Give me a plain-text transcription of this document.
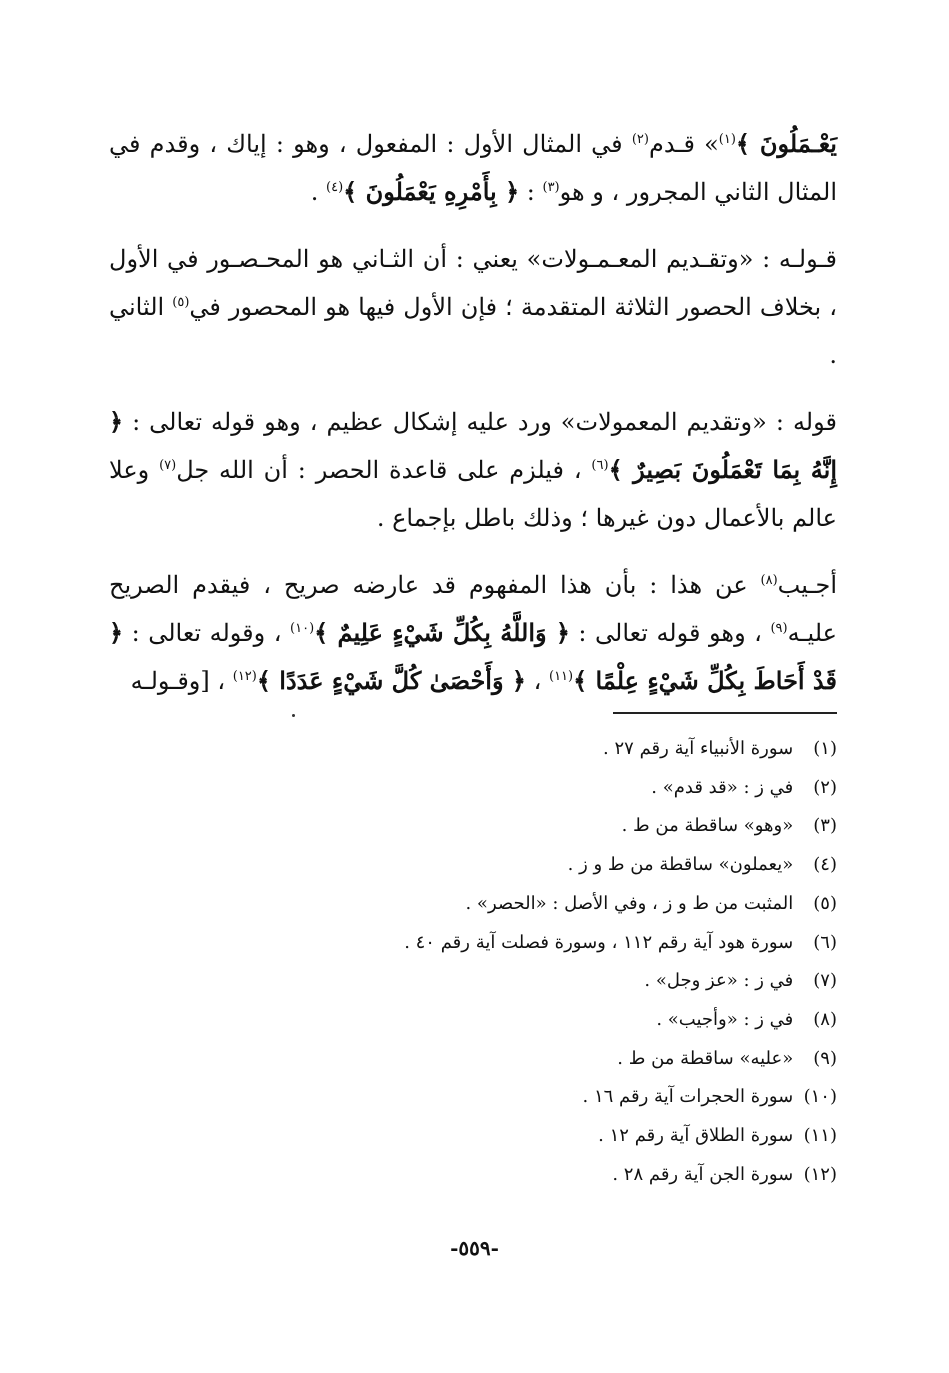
يَعْـمَلُونَ ﴾$^{(١)}$» قـدم$^{(٢)}$ في المثال الأول : المفعول ، وهو : إياك ، وقدم في المثال الثاني المجرور ، و هو$^{(٣)}$ : ﴿ بِأَمْرِهِ يَعْمَلُونَ ﴾$^{(٤)}$ .

قـولـه : «وتقـديم المعـمـولات» يعني : أن الثـاني هو المحـصـور في الأول ، بخلاف الحصور الثلاثة المتقدمة ؛ فإن الأول فيها هو المحصور في$^{(٥)}$ الثاني .

قوله : «وتقديم المعمولات» ورد عليه إشكال عظيم ، وهو قوله تعالى : ﴿ إِنَّهُ بِمَا تَعْمَلُونَ بَصِيرٌ ﴾$^{(٦)}$ ، فيلزم على قاعدة الحصر : أن الله جل$^{(٧)}$ وعلا عالم بالأعمال دون غيرها ؛ وذلك باطل بإجماع .

أجـيب$^{(٨)}$ عن هذا : بأن هذا المفهوم قد عارضه صريح ، فيقدم الصريح عليـه$^{(٩)}$ ، وهو قوله تعالى : ﴿ وَاللَّهُ بِكُلِّ شَيْءٍ عَلِيمٌ ﴾$^{(١٠)}$ ، وقوله تعالى : ﴿ قَدْ أَحَاطَ بِكُلِّ شَيْءٍ عِلْمًا ﴾$^{(١١)}$ ، ﴿ وَأَحْصَىٰ كُلَّ شَيْءٍ عَدَدًا ﴾$^{(١٢)}$ ، [وقـولـه

(١) سورة الأنبياء آية رقم ٢٧ .
(٢) في ز : «قد قدم» .
(٣) «وهو» ساقطة من ط .
(٤) «يعملون» ساقطة من ط و ز .
(٥) المثبت من ط و ز ، وفي الأصل : «الحصر» .
(٦) سورة هود آية رقم ١١٢ ، وسورة فصلت آية رقم ٤٠ .
(٧) في ز : «عز وجل» .
(٨) في ز : «وأجيب» .
(٩) «عليه» ساقطة من ط .
(١٠) سورة الحجرات آية رقم ١٦ .
(١١) سورة الطلاق آية رقم ١٢ .
(١٢) سورة الجن آية رقم ٢٨ .
-٥٥٩-
